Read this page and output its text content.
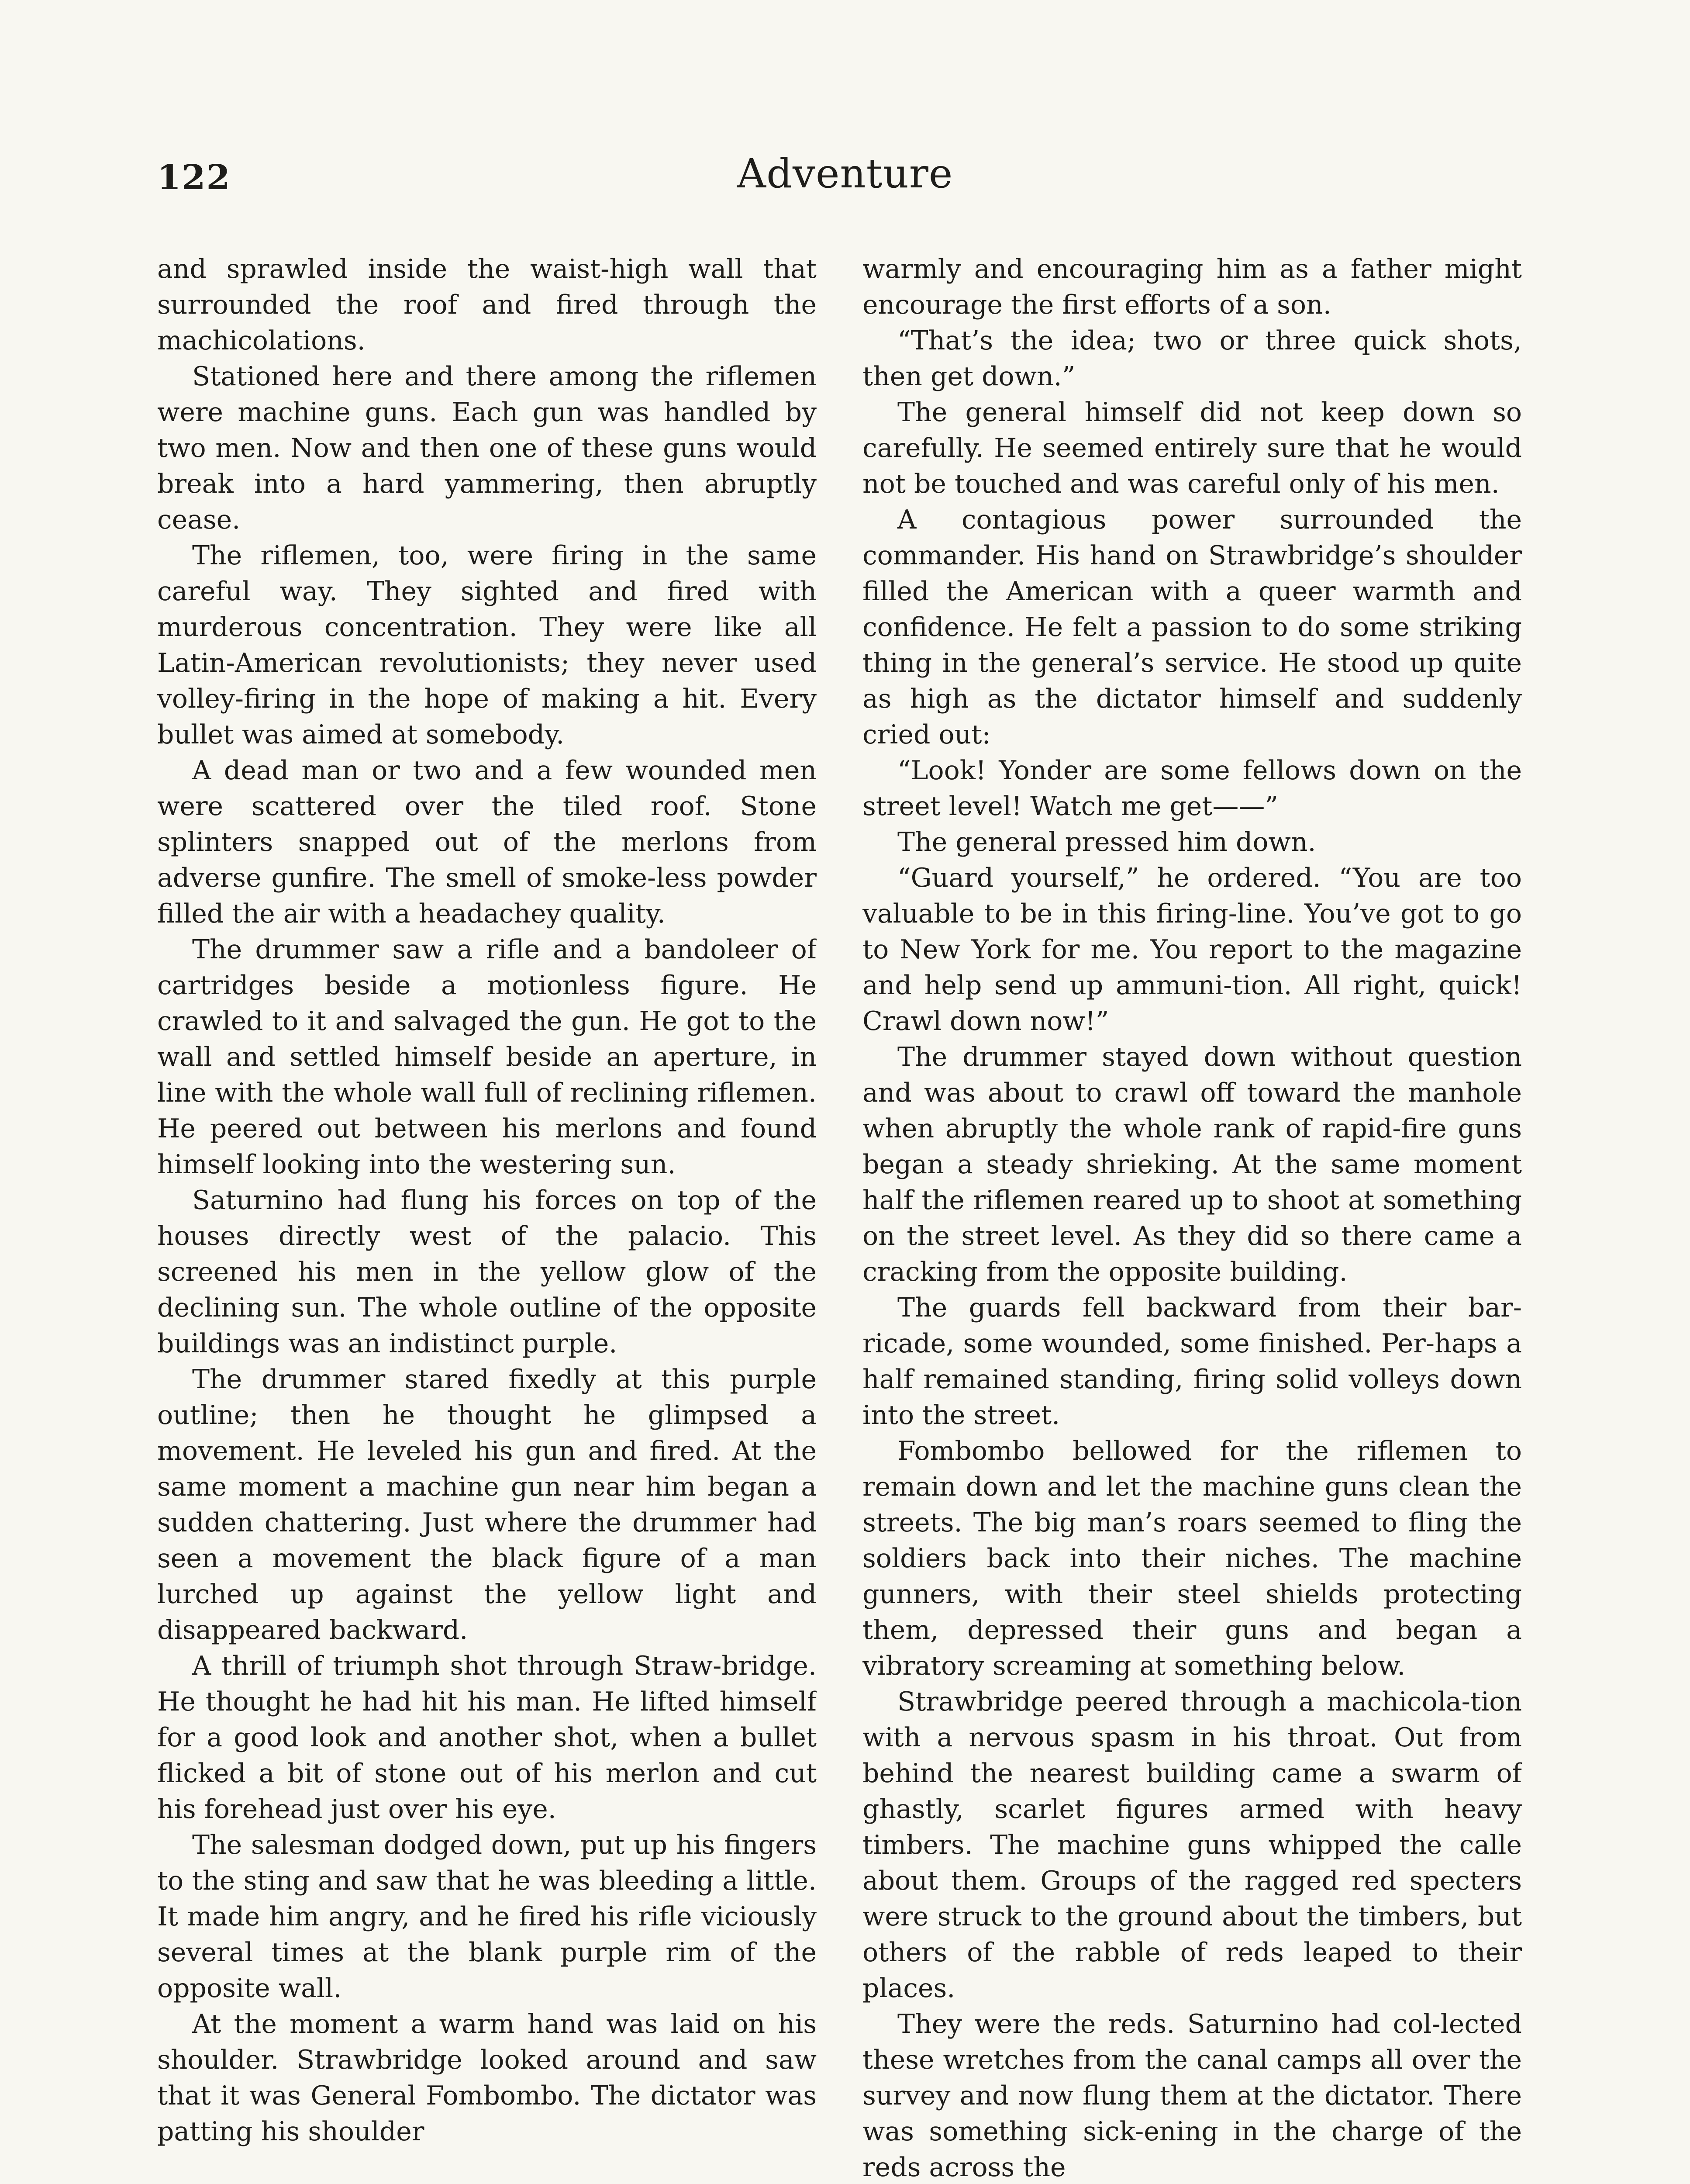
122	Adventure

and sprawled inside the waist-high wall that surrounded the roof and fired through the machicolations.

Stationed here and there among the riflemen were machine guns. Each gun was handled by two men. Now and then one of these guns would break into a hard yammering, then abruptly cease.

The riflemen, too, were firing in the same careful way. They sighted and fired with murderous concentration. They were like all Latin-American revolutionists; they never used volley-firing in the hope of making a hit. Every bullet was aimed at somebody.

A dead man or two and a few wounded men were scattered over the tiled roof. Stone splinters snapped out of the merlons from adverse gunfire. The smell of smoke-less powder filled the air with a headachey quality.

The drummer saw a rifle and a bandoleer of cartridges beside a motionless figure. He crawled to it and salvaged the gun. He got to the wall and settled himself beside an aperture, in line with the whole wall full of reclining riflemen. He peered out between his merlons and found himself looking into the westering sun.

Saturnino had flung his forces on top of the houses directly west of the palacio. This screened his men in the yellow glow of the declining sun. The whole outline of the opposite buildings was an indistinct purple.

The drummer stared fixedly at this purple outline; then he thought he glimpsed a movement. He leveled his gun and fired. At the same moment a machine gun near him began a sudden chattering. Just where the drummer had seen a movement the black figure of a man lurched up against the yellow light and disappeared backward.

A thrill of triumph shot through Straw-bridge. He thought he had hit his man. He lifted himself for a good look and another shot, when a bullet flicked a bit of stone out of his merlon and cut his forehead just over his eye.

The salesman dodged down, put up his fingers to the sting and saw that he was bleeding a little. It made him angry, and he fired his rifle viciously several times at the blank purple rim of the opposite wall.

At the moment a warm hand was laid on his shoulder. Strawbridge looked around and saw that it was General Fombombo. The dictator was patting his shoulder

warmly and encouraging him as a father might encourage the first efforts of a son.

“That’s the idea; two or three quick shots, then get down.”

The general himself did not keep down so carefully. He seemed entirely sure that he would not be touched and was careful only of his men.

A contagious power surrounded the commander. His hand on Strawbridge’s shoulder filled the American with a queer warmth and confidence. He felt a passion to do some striking thing in the general’s service. He stood up quite as high as the dictator himself and suddenly cried out:

“Look! Yonder are some fellows down on the street level! Watch me get——”

The general pressed him down.

“Guard yourself,” he ordered. “You are too valuable to be in this firing-line. You’ve got to go to New York for me. You report to the magazine and help send up ammuni-tion. All right, quick! Crawl down now!”

The drummer stayed down without question and was about to crawl off toward the manhole when abruptly the whole rank of rapid-fire guns began a steady shrieking. At the same moment half the riflemen reared up to shoot at something on the street level. As they did so there came a cracking from the opposite building.

The guards fell backward from their bar-ricade, some wounded, some finished. Per-haps a half remained standing, firing solid volleys down into the street.

Fombombo bellowed for the riflemen to remain down and let the machine guns clean the streets. The big man’s roars seemed to fling the soldiers back into their niches. The machine gunners, with their steel shields protecting them, depressed their guns and began a vibratory screaming at something below.

Strawbridge peered through a machicola-tion with a nervous spasm in his throat. Out from behind the nearest building came a swarm of ghastly, scarlet figures armed with heavy timbers. The machine guns whipped the calle about them. Groups of the ragged red specters were struck to the ground about the timbers, but others of the rabble of reds leaped to their places.

They were the reds. Saturnino had col-lected these wretches from the canal camps all over the survey and now flung them at the dictator. There was something sick-ening in the charge of the reds across the
